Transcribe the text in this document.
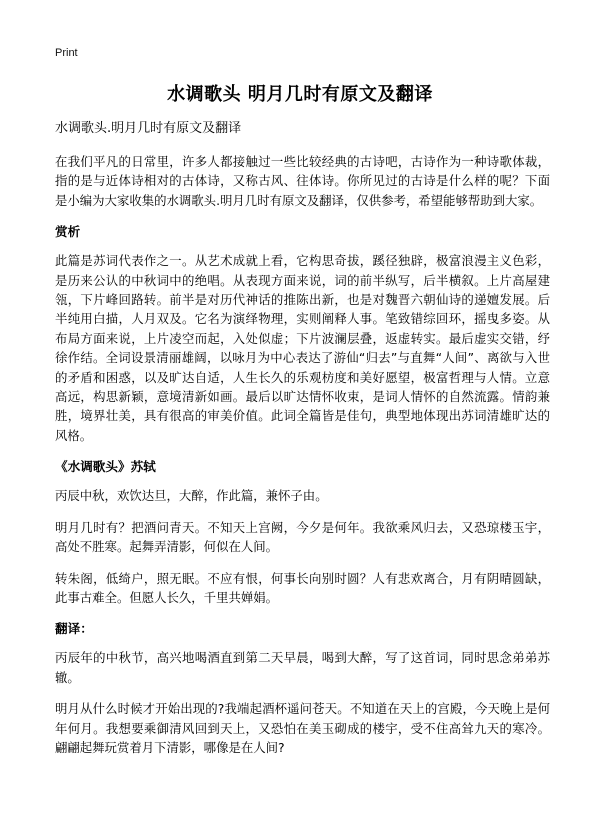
Print
水调歌头 明月几时有原文及翻译
水调歌头.明月几时有原文及翻译

在我们平凡的日常里，许多人都接触过一些比较经典的古诗吧，古诗作为一种诗歌体裁，指的是与近体诗相对的古体诗，又称古风、往体诗。你所见过的古诗是什么样的呢？下面是小编为大家收集的水调歌头.明月几时有原文及翻译，仅供参考，希望能够帮助到大家。

赏析

此篇是苏词代表作之一。从艺术成就上看，它构思奇拔，蹊径独辟，极富浪漫主义色彩，是历来公认的中秋词中的绝唱。从表现方面来说，词的前半纵写，后半横叙。上片高屋建瓴，下片峰回路转。前半是对历代神话的推陈出新，也是对魏晋六朝仙诗的递嬗发展。后半纯用白描，人月双及。它名为演绎物理，实则阐释人事。笔致错综回环，摇曳多姿。从布局方面来说，上片凌空而起，入处似虚；下片波澜层叠，返虚转实。最后虚实交错，纾徐作结。全词设景清丽雄阔，以咏月为中心表达了游仙“归去”与直舞“人间”、离欲与入世的矛盾和困惑，以及旷达自适，人生长久的乐观枋度和美好愿望，极富哲理与人情。立意高远，构思新颖，意境清新如画。最后以旷达情怀收束，是词人情怀的自然流露。情韵兼胜，境界壮美，具有很高的审美价值。此词全篇皆是佳句，典型地体现出苏词清雄旷达的风格。

《水调歌头》苏轼

丙辰中秋，欢饮达旦，大醉，作此篇，兼怀子由。

明月几时有？把酒问青天。不知天上宫阙，今夕是何年。我欲乘风归去，又恐琼楼玉宇，高处不胜寒。起舞弄清影，何似在人间。

转朱阁，低绮户，照无眠。不应有恨，何事长向别时圆？人有悲欢离合，月有阴晴圆缺，此事古难全。但愿人长久，千里共婵娟。

翻译：

丙辰年的中秋节，高兴地喝酒直到第二天早晨，喝到大醉，写了这首词，同时思念弟弟苏辙。

明月从什么时候才开始出现的?我端起酒杯遥问苍天。不知道在天上的宫殿，今天晚上是何年何月。我想要乘御清风回到天上，又恐怕在美玉砌成的楼宇，受不住高耸九天的寒冷。翩翩起舞玩赏着月下清影，哪像是在人间?
